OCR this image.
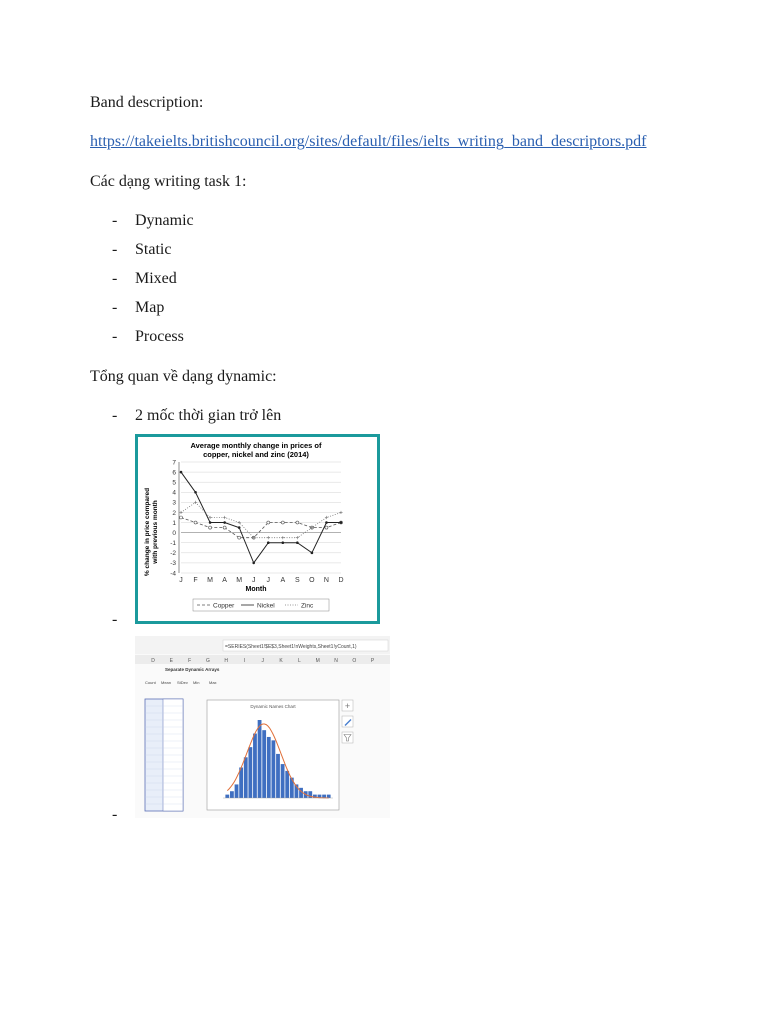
Band description:
https://takeielts.britishcouncil.org/sites/default/files/ielts_writing_band_descriptors.pdf
Các dạng writing task 1:
- Dynamic
- Static
- Mixed
- Map
- Process
Tổng quan về dạng dynamic:
- 2 mốc thời gian trở lên
Average monthly change in prices of
copper, nickel and zinc (2014)
% change in price compared with previous month
Month
7
6
5
4
3
2
1
0
-1
-2
-3
-4
J F M A M J J A S O N D
Copper	Nickel	Zinc
-
=SERIES(Sheet1!$E$3,Sheet1!nWeights,Sheet1!yCount,1)
D	E	F	G	H	I	J	K	L	M	N	O	P
Separate Dynamic Arrays
Count Mean StDev Min Max
Dynamic Names Chart	+
-
